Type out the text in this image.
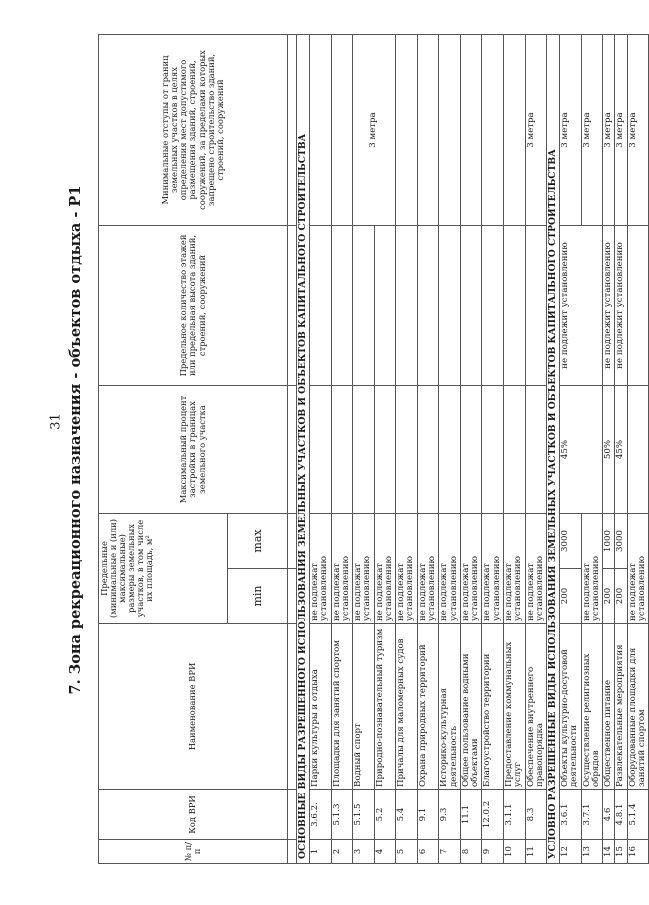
31 7. Зона рекреационного назначения - объектов отдыха - Р1
№ п/п	Код ВРИ	Наименование ВРИ	Предельные (минимальные и (или) максимальные) размеры земельных участков, в том числе их площадь, м²		Максимальный процент застройки в границах земельного участка	Предельное количество этажей или предельная высота зданий, строений, сооружений	Минимальные отступы от границ земельных участков в целях определения мест допустимого размещения зданий, строений, сооружений, за пределами которых запрещено строительство зданий, строений, сооружений
			min	max			

ОСНОВНЫЕ ВИДЫ РАЗРЕШЕННОГО ИСПОЛЬЗОВАНИЯ ЗЕМЕЛЬНЫХ УЧАСТКОВ И ОБЪЕКТОВ КАПИТАЛЬНОГО СТРОИТЕЛЬСТВА							
1	3.6.2.	Парки культуры и отдыха	не подлежат установлению				
2	5.1.3	Площадки для занятий спортом	не подлежат установлению				
3	5.1.5	Водный спорт	не подлежат установлению				3 метра
4	5.2	Природно-познавательный туризм	не подлежат установлению				
5	5.4	Причалы для маломерных судов	не подлежат установлению				
6	9.1	Охрана природных территорий	не подлежат установлению				
7	9.3	Историко-культурная деятельность	не подлежат установлению				
8	11.1	Общее пользование водными объектами	не подлежат установлению				
9	12.0.2	Благоустройство территории	не подлежат установлению				
10	3.1.1	Предоставление коммунальных услуг	не подлежат установлению				
11	8.3	Обеспечение внутреннего правопорядка	не подлежат установлению				3 метра
УСЛОВНО РАЗРЕШЕННЫЕ ВИДЫ ИСПОЛЬЗОВАНИЯ ЗЕМЕЛЬНЫХ УЧАСТКОВ И ОБЪЕКТОВ КАПИТАЛЬНОГО СТРОИТЕЛЬСТВА							
12	3.6.1	Объекты культурно-досуговой деятельности	200	3000	45%	не подлежит установлению	3 метра
13	3.7.1	Осуществление религиозных обрядов	не подлежат установлению				3 метра
14	4.6	Общественное питание	200	1000	50%	не подлежит установлению	3 метра
15	4.8.1	Развлекательные мероприятия	200	3000	45%	не подлежит установлению	3 метра
16	5.1.4	Оборудованные площадки для занятий спортом	не подлежат установлению				3 метра
